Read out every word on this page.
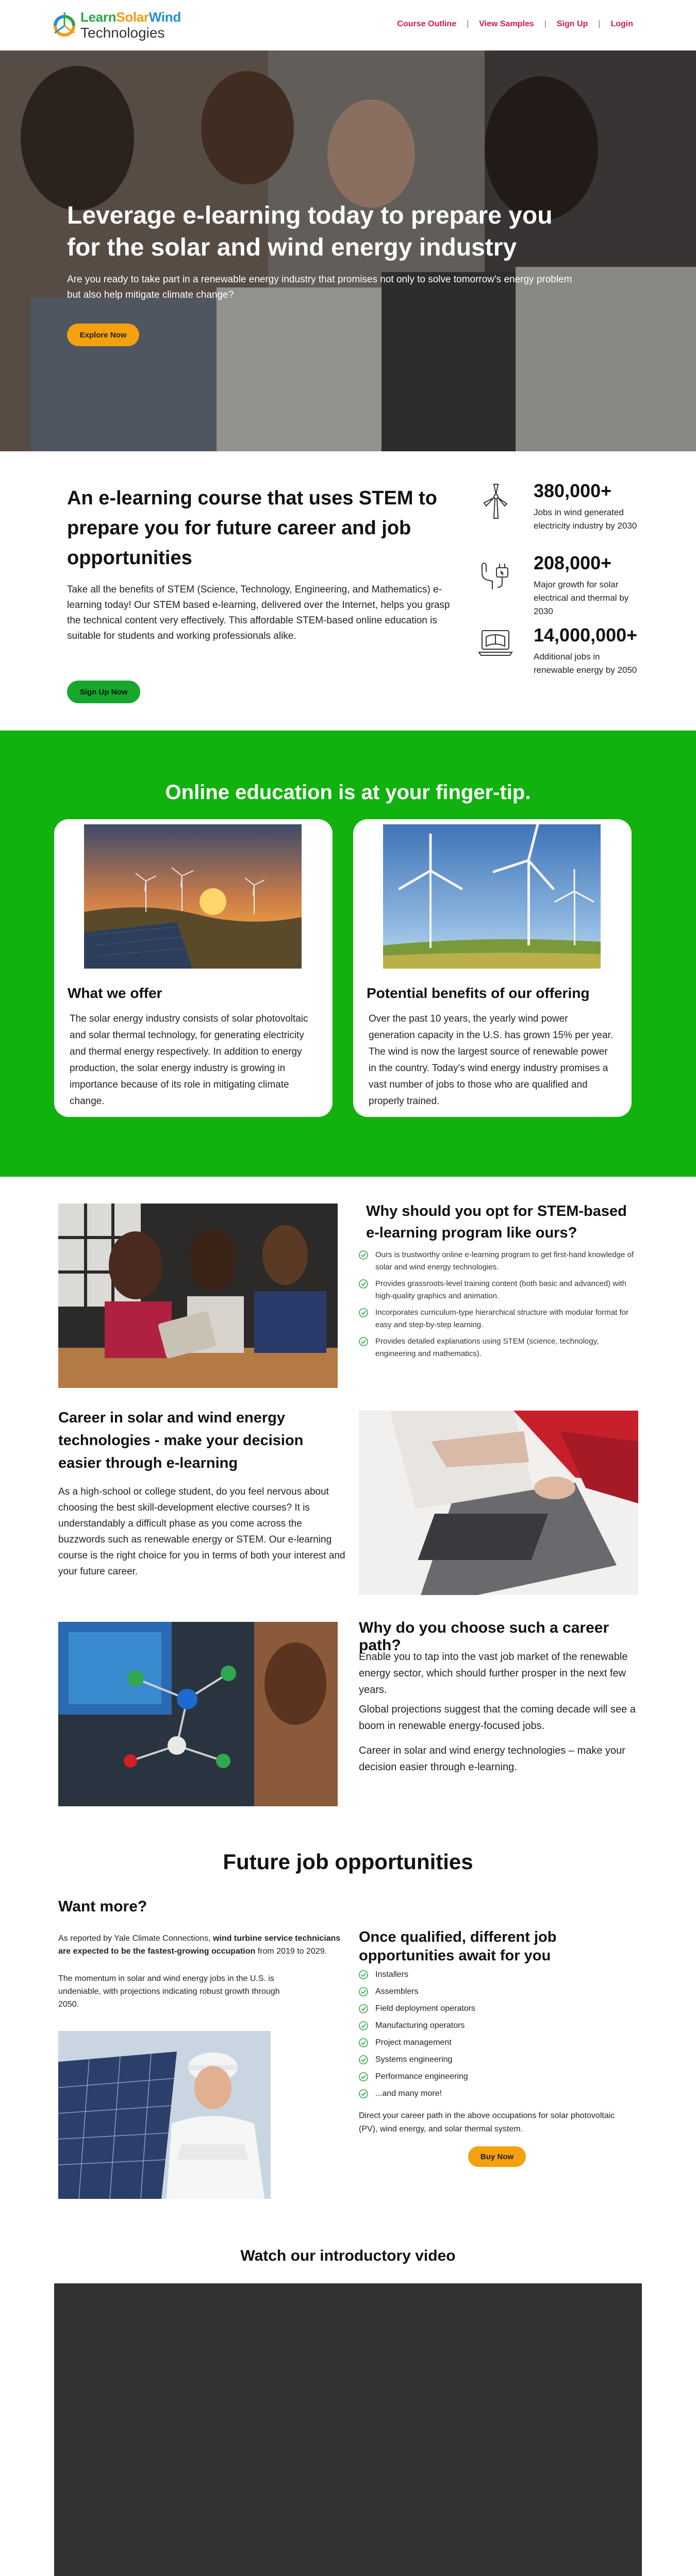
LearnSolarWind
Technologies
Course Outline | View Samples | Sign Up | Login
Leverage e-learning today to prepare you for the solar and wind energy industry

Are you ready to take part in a renewable energy industry that promises not only to solve tomorrow's energy problem but also help mitigate climate change?

Explore Now
An e-learning course that uses STEM to prepare you for future career and job opportunities

Take all the benefits of STEM (Science, Technology, Engineering, and Mathematics) e-learning today! Our STEM based e-learning, delivered over the Internet, helps you grasp the technical content very effectively. This affordable STEM-based online education is suitable for students and working professionals alike.

Sign Up Now
380,000+
Jobs in wind generated electricity industry by 2030
208,000+
Major growth for solar electrical and thermal by 2030
14,000,000+
Additional jobs in renewable energy by 2050
Online education is at your finger-tip.
What we offer

The solar energy industry consists of solar photovoltaic and solar thermal technology, for generating electricity and thermal energy respectively. In addition to energy production, the solar energy industry is growing in importance because of its role in mitigating climate change.

Potential benefits of our offering

Over the past 10 years, the yearly wind power generation capacity in the U.S. has grown 15% per year. The wind is now the largest source of renewable power in the country. Today's wind energy industry promises a vast number of jobs to those who are qualified and properly trained.

Why should you opt for STEM-based e-learning program like ours?
Ours is trustworthy online e-learning program to get first-hand knowledge of solar and wind energy technologies.
Provides grassroots-level training content (both basic and advanced) with high-quality graphics and animation.
Incorporates curriculum-type hierarchical structure with modular format for easy and step-by-step learning.
Provides detailed explanations using STEM (science, technology, engineering and mathematics).
Career in solar and wind energy technologies - make your decision easier through e-learning

As a high-school or college student, do you feel nervous about choosing the best skill-development elective courses? It is understandably a difficult phase as you come across the buzzwords such as renewable energy or STEM. Our e-learning course is the right choice for you in terms of both your interest and your future career.

Why do you choose such a career path?

Enable you to tap into the vast job market of the renewable energy sector, which should further prosper in the next few years.

Global projections suggest that the coming decade will see a boom in renewable energy-focused jobs.

Career in solar and wind energy technologies – make your decision easier through e-learning.

Future job opportunities
Want more?

As reported by Yale Climate Connections, wind turbine service technicians are expected to be the fastest-growing occupation from 2019 to 2029.

The momentum in solar and wind energy jobs in the U.S. is undeniable, with projections indicating robust growth through 2050.

Once qualified, different job opportunities await for you
Installers
Assemblers
Field deployment operators
Manufacturing operators
Project management
Systems engineering
Performance engineering
...and many more!

Direct your career path in the above occupations for solar photovoltaic (PV), wind energy, and solar thermal system.

Buy Now
Watch our introductory video
